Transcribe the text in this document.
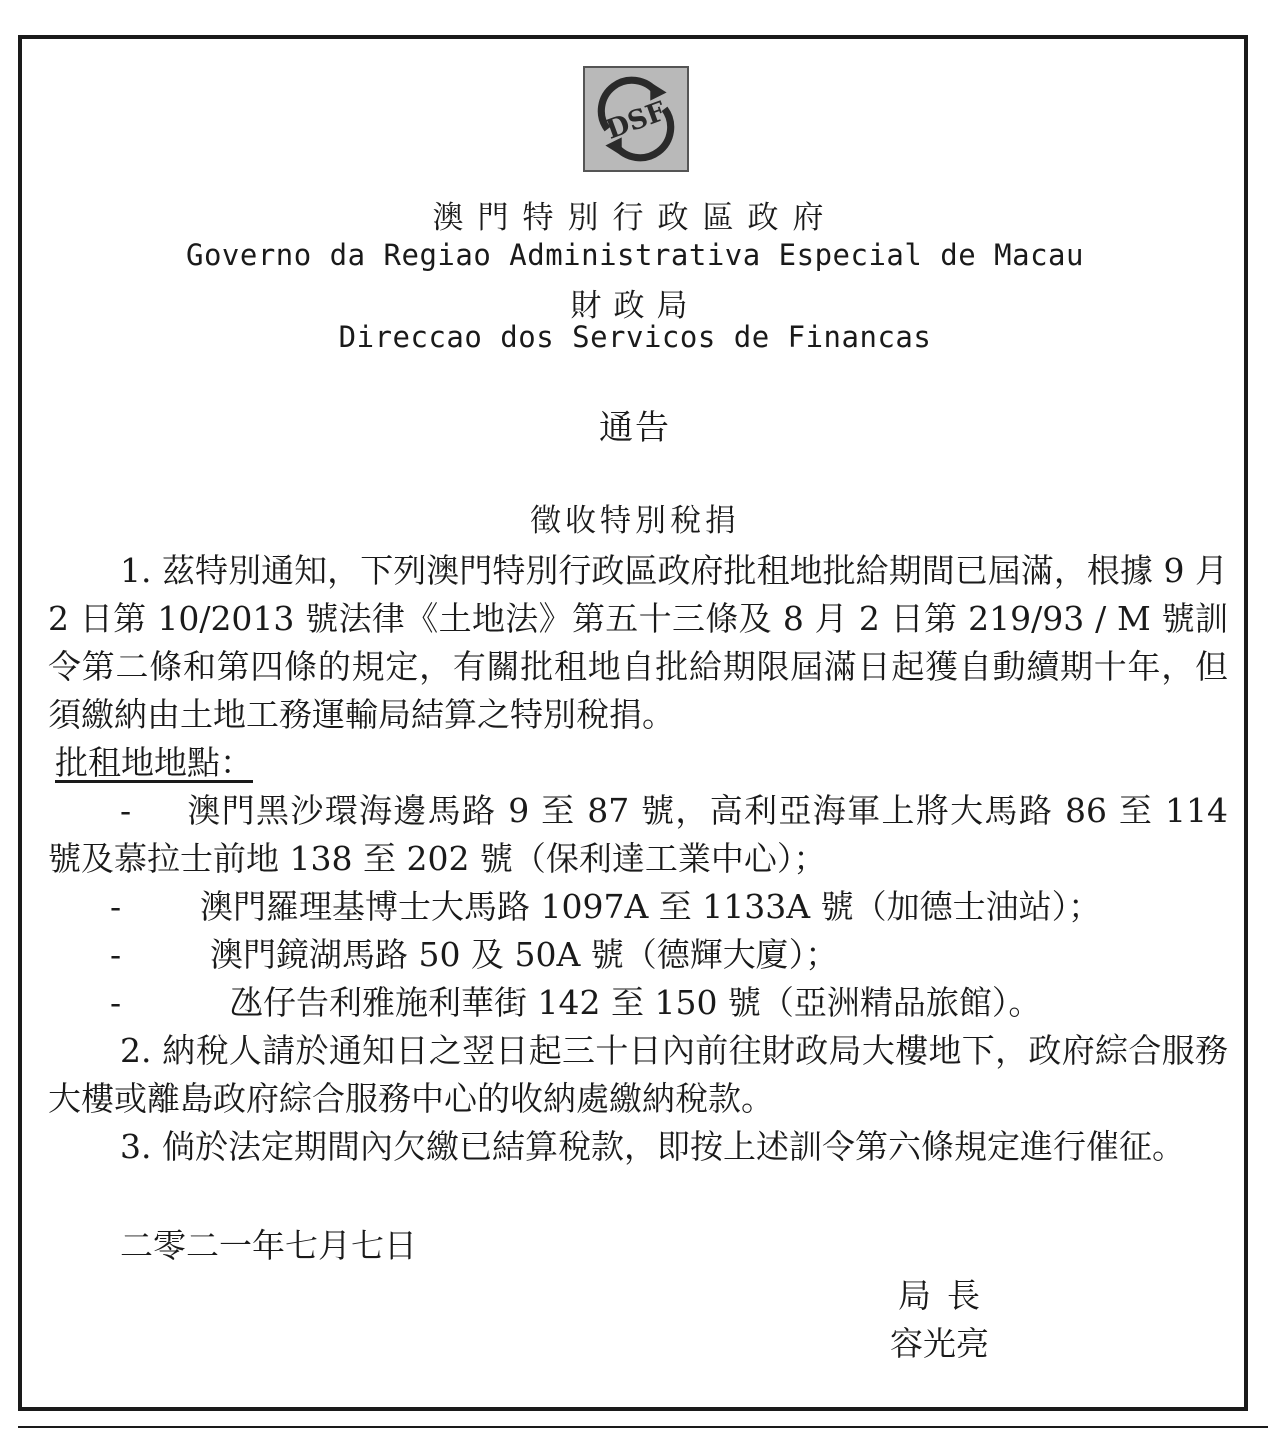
DSF
澳門特別行政區政府
Governo da Regiao Administrativa Especial de Macau
財政局
Direccao dos Servicos de Financas
通告
徵收特別稅捐
1. 茲特別通知，下列澳門特別行政區政府批租地批給期間已屆滿，根據 9 月 2 日第 10/2013 號法律《土地法》第五十三條及 8 月 2 日第 219/93 / M 號訓令第二條和第四條的規定，有關批租地自批給期限屆滿日起獲自動續期十年，但須繳納由土地工務運輸局結算之特別稅捐。
批租地地點：
- 澳門黑沙環海邊馬路 9 至 87 號，高利亞海軍上將大馬路 86 至 114 號及慕拉士前地 138 至 202 號（保利達工業中心）；
- 澳門羅理基博士大馬路 1097A 至 1133A 號（加德士油站）；
-	澳門鏡湖馬路 50 及 50A 號（德輝大廈）；
-	氹仔告利雅施利華街 142 至 150 號（亞洲精品旅館）。
2. 納稅人請於通知日之翌日起三十日內前往財政局大樓地下，政府綜合服務大樓或離島政府綜合服務中心的收納處繳納稅款。
3. 倘於法定期間內欠繳已結算稅款，即按上述訓令第六條規定進行催征。
二零二一年七月七日
局長
容光亮
